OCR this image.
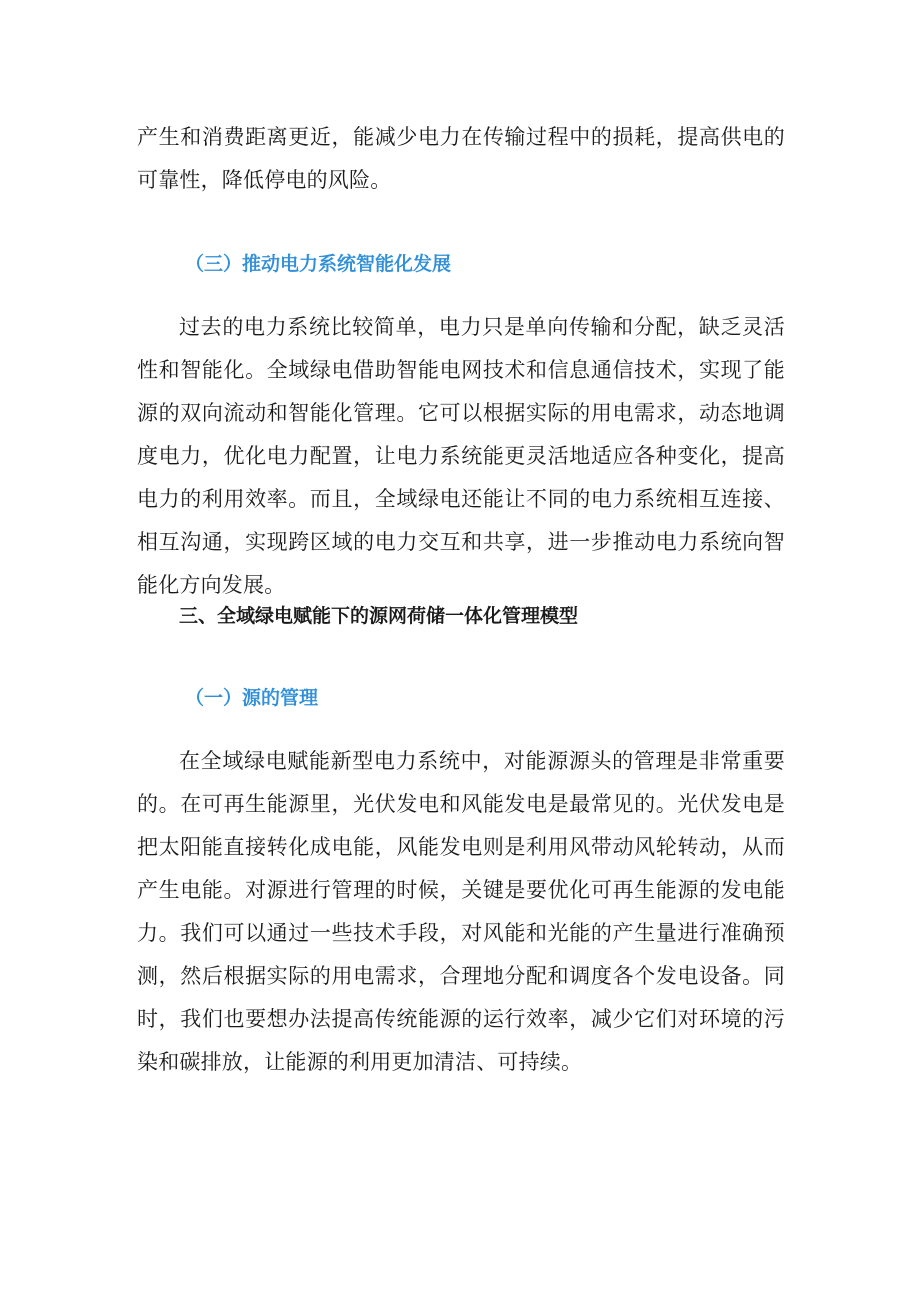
产生和消费距离更近，能减少电力在传输过程中的损耗，提高供电的可靠性，降低停电的风险。

（三）推动电力系统智能化发展

过去的电力系统比较简单，电力只是单向传输和分配，缺乏灵活性和智能化。全域绿电借助智能电网技术和信息通信技术，实现了能源的双向流动和智能化管理。它可以根据实际的用电需求，动态地调度电力，优化电力配置，让电力系统能更灵活地适应各种变化，提高电力的利用效率。而且，全域绿电还能让不同的电力系统相互连接、相互沟通，实现跨区域的电力交互和共享，进一步推动电力系统向智能化方向发展。

三、全域绿电赋能下的源网荷储一体化管理模型
（一）源的管理

在全域绿电赋能新型电力系统中，对能源源头的管理是非常重要的。在可再生能源里，光伏发电和风能发电是最常见的。光伏发电是把太阳能直接转化成电能，风能发电则是利用风带动风轮转动，从而产生电能。对源进行管理的时候，关键是要优化可再生能源的发电能力。我们可以通过一些技术手段，对风能和光能的产生量进行准确预测，然后根据实际的用电需求，合理地分配和调度各个发电设备。同时，我们也要想办法提高传统能源的运行效率，减少它们对环境的污染和碳排放，让能源的利用更加清洁、可持续。
